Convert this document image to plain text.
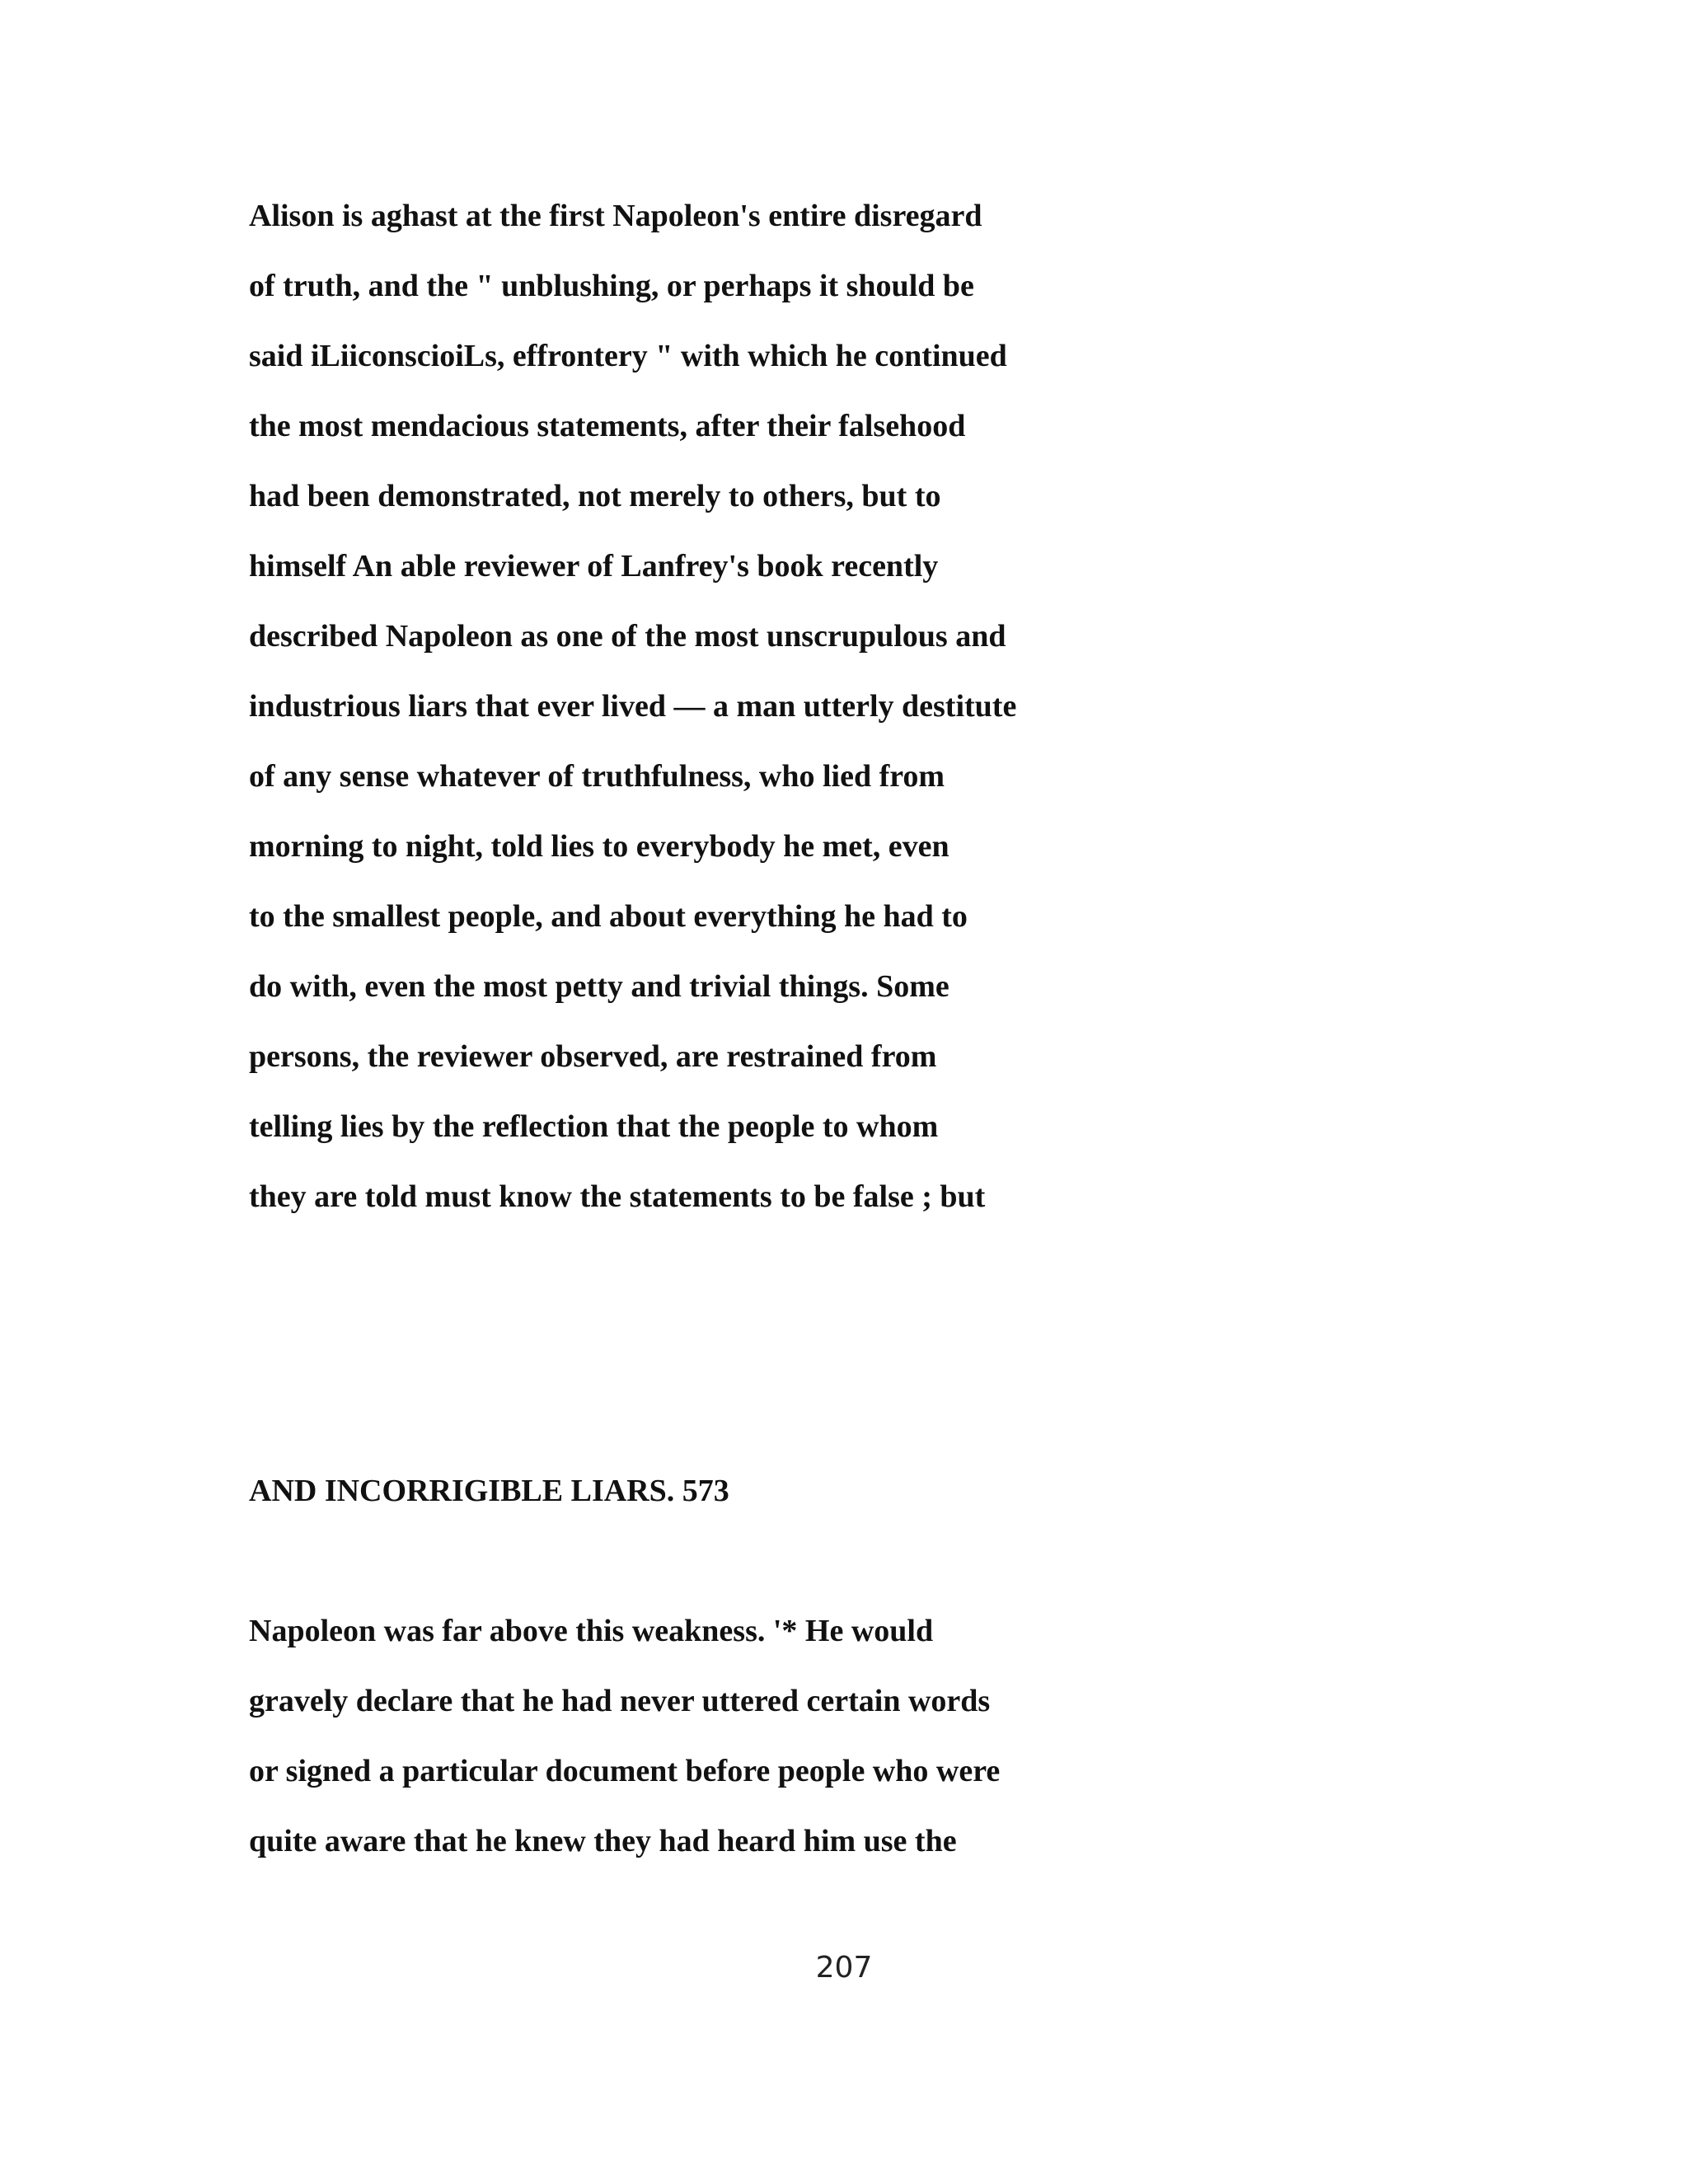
Alison is aghast at the first Napoleon's entire disregard
of truth, and the " unblushing, or perhaps it should be
said iLiiconscioiLs, effrontery " with which he continued
the most mendacious statements, after their falsehood
had been demonstrated, not merely to others, but to
himself An able reviewer of Lanfrey's book recently
described Napoleon as one of the most unscrupulous and
industrious liars that ever lived — a man utterly destitute
of any sense whatever of truthfulness, who lied from
morning to night, told lies to everybody he met, even
to the smallest people, and about everything he had to
do with, even the most petty and trivial things. Some
persons, the reviewer observed, are restrained from
telling lies by the reflection that the people to whom
they are told must know the statements to be false ; but
AND INCORRIGIBLE LIARS. 573
Napoleon was far above this weakness. '* He would
gravely declare that he had never uttered certain words
or signed a particular document before people who were
quite aware that he knew they had heard him use the
207
